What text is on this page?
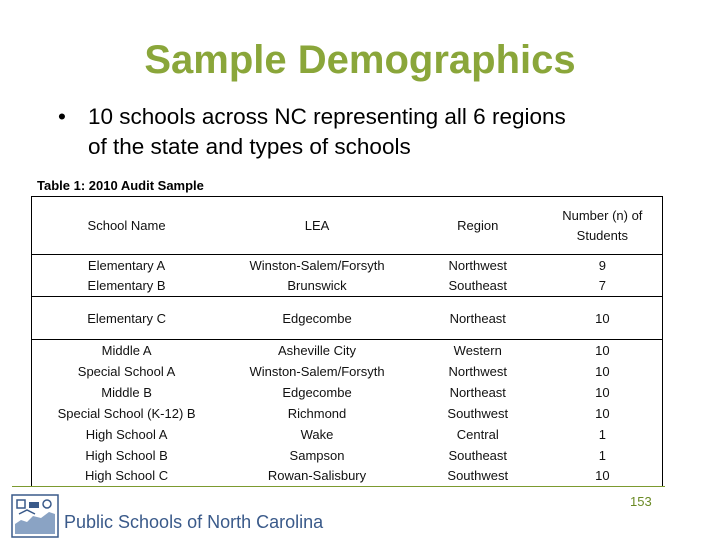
Sample Demographics
• 10 schools across NC representing all 6 regions
of the state and types of schools
Table 1: 2010 Audit Sample
School Name	LEA	Region	Number (n) of
Students

Elementary A	Winston-Salem/Forsyth	Northwest	9
Elementary B	Brunswick	Southeast	7
Elementary C	Edgecombe	Northeast	10
Middle A	Asheville City	Western	10
Special School A	Winston-Salem/Forsyth	Northwest	10
Middle B	Edgecombe	Northeast	10
Special School (K-12) B	Richmond	Southwest	10
High School A	Wake	Central	1
High School B	Sampson	Southeast	1
High School C	Rowan-Salisbury	Southwest	10
Public Schools of North Carolina
153
